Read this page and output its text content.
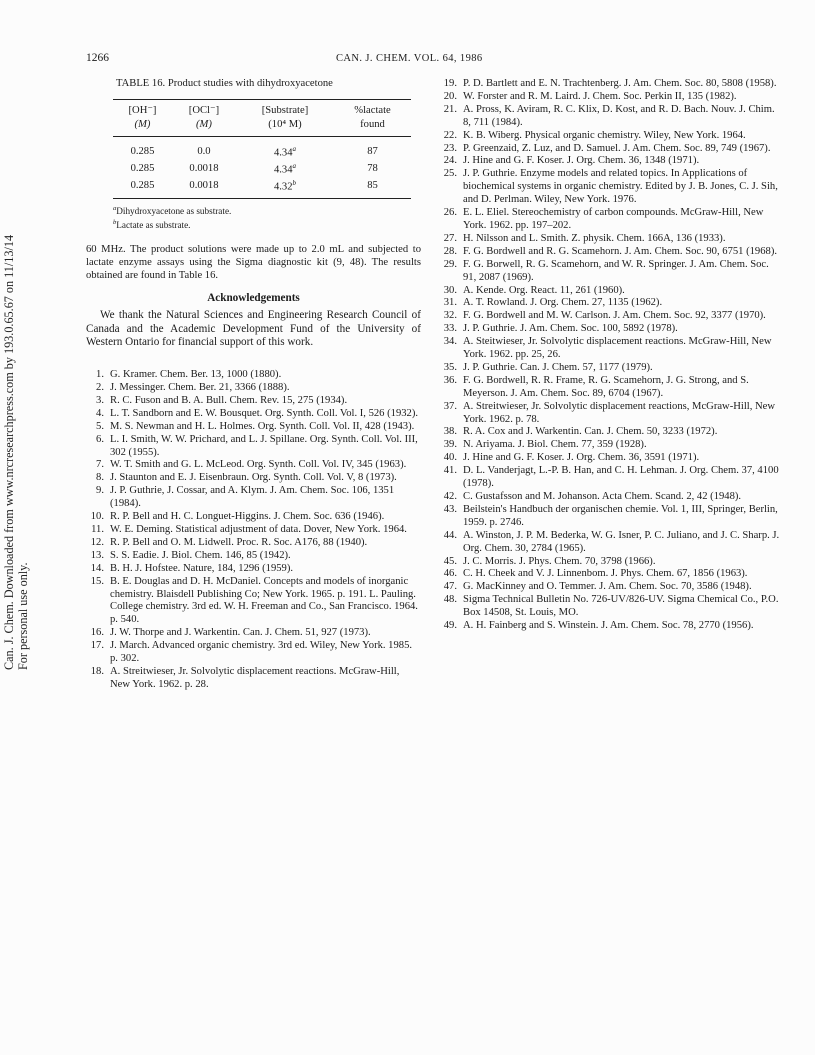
1266	CAN. J. CHEM. VOL. 64, 1986
Can. J. Chem. Downloaded from www.nrcresearchpress.com by 193.0.65.67 on 11/13/14 For personal use only.
TABLE 16. Product studies with dihydroxyacetone
[OH⁻]	[OCl⁻]	[Substrate]	%lactate
(M)	(M)	(10⁴ M)	found
0.285	0.0	4.34$^a$	87
0.285	0.0018	4.34$^a$	78
0.285	0.0018	4.32$^b$	85
$^a$Dihydroxyacetone as substrate.
$^b$Lactate as substrate.
60 MHz. The product solutions were made up to 2.0 mL and subjected to lactate enzyme assays using the Sigma diagnostic kit (9, 48). The results obtained are found in Table 16.
Acknowledgements
We thank the Natural Sciences and Engineering Research Council of Canada and the Academic Development Fund of the University of Western Ontario for financial support of this work.
1. G. Kramer. Chem. Ber. 13, 1000 (1880).
2. J. Messinger. Chem. Ber. 21, 3366 (1888).
3. R. C. Fuson and B. A. Bull. Chem. Rev. 15, 275 (1934).
4. L. T. Sandborn and E. W. Bousquet. Org. Synth. Coll. Vol. I, 526 (1932).
5. M. S. Newman and H. L. Holmes. Org. Synth. Coll. Vol. II, 428 (1943).
6. L. I. Smith, W. W. Prichard, and L. J. Spillane. Org. Synth. Coll. Vol. III, 302 (1955).
7. W. T. Smith and G. L. McLeod. Org. Synth. Coll. Vol. IV, 345 (1963).
8. J. Staunton and E. J. Eisenbraun. Org. Synth. Coll. Vol. V, 8 (1973).
9. J. P. Guthrie, J. Cossar, and A. Klym. J. Am. Chem. Soc. 106, 1351 (1984).
10. R. P. Bell and H. C. Longuet-Higgins. J. Chem. Soc. 636 (1946).
11. W. E. Deming. Statistical adjustment of data. Dover, New York. 1964.
12. R. P. Bell and O. M. Lidwell. Proc. R. Soc. A176, 88 (1940).
13. S. S. Eadie. J. Biol. Chem. 146, 85 (1942).
14. B. H. J. Hofstee. Nature, 184, 1296 (1959).
15. B. E. Douglas and D. H. McDaniel. Concepts and models of inorganic chemistry. Blaisdell Publishing Co; New York. 1965. p. 191. L. Pauling. College chemistry. 3rd ed. W. H. Freeman and Co., San Francisco. 1964. p. 540.
16. J. W. Thorpe and J. Warkentin. Can. J. Chem. 51, 927 (1973).
17. J. March. Advanced organic chemistry. 3rd ed. Wiley, New York. 1985. p. 302.
18. A. Streitwieser, Jr. Solvolytic displacement reactions. McGraw-Hill, New York. 1962. p. 28.
19. P. D. Bartlett and E. N. Trachtenberg. J. Am. Chem. Soc. 80, 5808 (1958).
20. W. Forster and R. M. Laird. J. Chem. Soc. Perkin II, 135 (1982).
21. A. Pross, K. Aviram, R. C. Klix, D. Kost, and R. D. Bach. Nouv. J. Chim. 8, 711 (1984).
22. K. B. Wiberg. Physical organic chemistry. Wiley, New York. 1964.
23. P. Greenzaid, Z. Luz, and D. Samuel. J. Am. Chem. Soc. 89, 749 (1967).
24. J. Hine and G. F. Koser. J. Org. Chem. 36, 1348 (1971).
25. J. P. Guthrie. Enzyme models and related topics. In Applications of biochemical systems in organic chemistry. Edited by J. B. Jones, C. J. Sih, and D. Perlman. Wiley, New York. 1976.
26. E. L. Eliel. Stereochemistry of carbon compounds. McGraw-Hill, New York. 1962. pp. 197–202.
27. H. Nilsson and L. Smith. Z. physik. Chem. 166A, 136 (1933).
28. F. G. Bordwell and R. G. Scamehorn. J. Am. Chem. Soc. 90, 6751 (1968).
29. F. G. Borwell, R. G. Scamehorn, and W. R. Springer. J. Am. Chem. Soc. 91, 2087 (1969).
30. A. Kende. Org. React. 11, 261 (1960).
31. A. T. Rowland. J. Org. Chem. 27, 1135 (1962).
32. F. G. Bordwell and M. W. Carlson. J. Am. Chem. Soc. 92, 3377 (1970).
33. J. P. Guthrie. J. Am. Chem. Soc. 100, 5892 (1978).
34. A. Steitwieser, Jr. Solvolytic displacement reactions. McGraw-Hill, New York. 1962. pp. 25, 26.
35. J. P. Guthrie. Can. J. Chem. 57, 1177 (1979).
36. F. G. Bordwell, R. R. Frame, R. G. Scamehorn, J. G. Strong, and S. Meyerson. J. Am. Chem. Soc. 89, 6704 (1967).
37. A. Streitwieser, Jr. Solvolytic displacement reactions, McGraw-Hill, New York. 1962. p. 78.
38. R. A. Cox and J. Warkentin. Can. J. Chem. 50, 3233 (1972).
39. N. Ariyama. J. Biol. Chem. 77, 359 (1928).
40. J. Hine and G. F. Koser. J. Org. Chem. 36, 3591 (1971).
41. D. L. Vanderjagt, L.-P. B. Han, and C. H. Lehman. J. Org. Chem. 37, 4100 (1978).
42. C. Gustafsson and M. Johanson. Acta Chem. Scand. 2, 42 (1948).
43. Beilstein's Handbuch der organischen chemie. Vol. 1, III, Springer, Berlin, 1959. p. 2746.
44. A. Winston, J. P. M. Bederka, W. G. Isner, P. C. Juliano, and J. C. Sharp. J. Org. Chem. 30, 2784 (1965).
45. J. C. Morris. J. Phys. Chem. 70, 3798 (1966).
46. C. H. Cheek and V. J. Linnenbom. J. Phys. Chem. 67, 1856 (1963).
47. G. MacKinney and O. Temmer. J. Am. Chem. Soc. 70, 3586 (1948).
48. Sigma Technical Bulletin No. 726-UV/826-UV. Sigma Chemical Co., P.O. Box 14508, St. Louis, MO.
49. A. H. Fainberg and S. Winstein. J. Am. Chem. Soc. 78, 2770 (1956).
